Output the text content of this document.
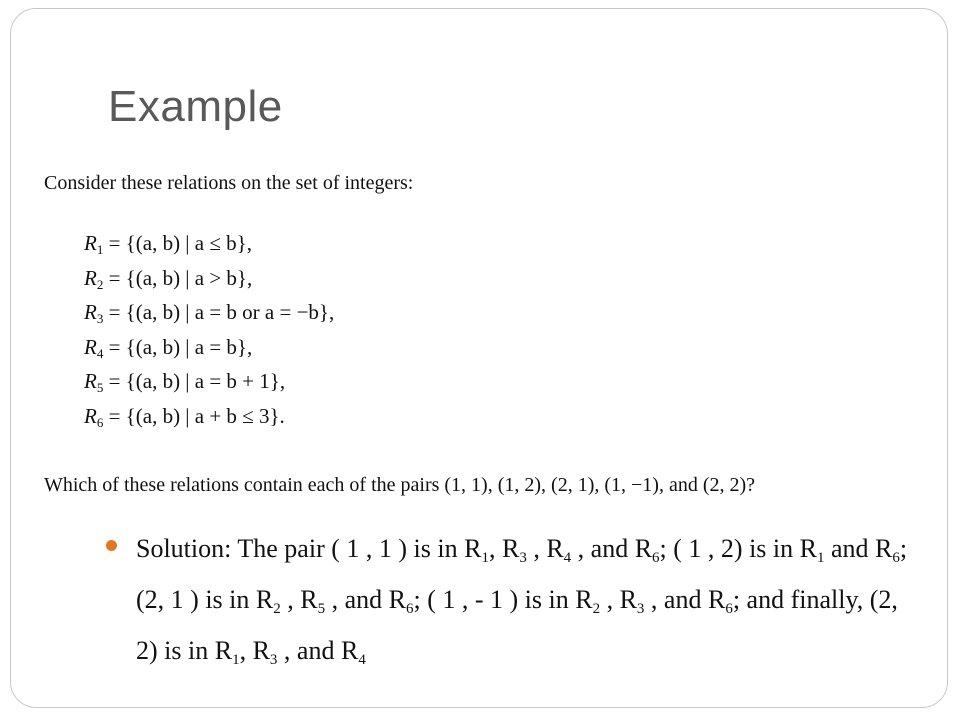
Example
Consider these relations on the set of integers:
$R_1 = \{(a$, b) | a ≤ b},
$R_2 = \{(a$, b) | a > b},
$R_3 = \{(a$, b) | a = b or a = −b},
$R_4 = \{(a$, b) | a = b},
$R_5 = \{(a$, b) | a = b + 1},
$R_6 = \{(a$, b) | a + b ≤ 3}.
Which of these relations contain each of the pairs (1, 1), (1, 2), (2, 1), (1, −1), and (2, 2)?
Solution: The pair ( 1 , 1 ) is in $R_1$, $R_3$ , $R_4$ , and $R_6$; ( 1 , 2) is in $R_1$ and $R_6$; (2, 1 ) is in $R_2$ , $R_5$ , and $R_6$; ( 1 , - 1 ) is in $R_2$ , $R_3$ , and $R_6$; and finally, (2, 2) is in $R_1$, $R_3$ , and $R_4$
